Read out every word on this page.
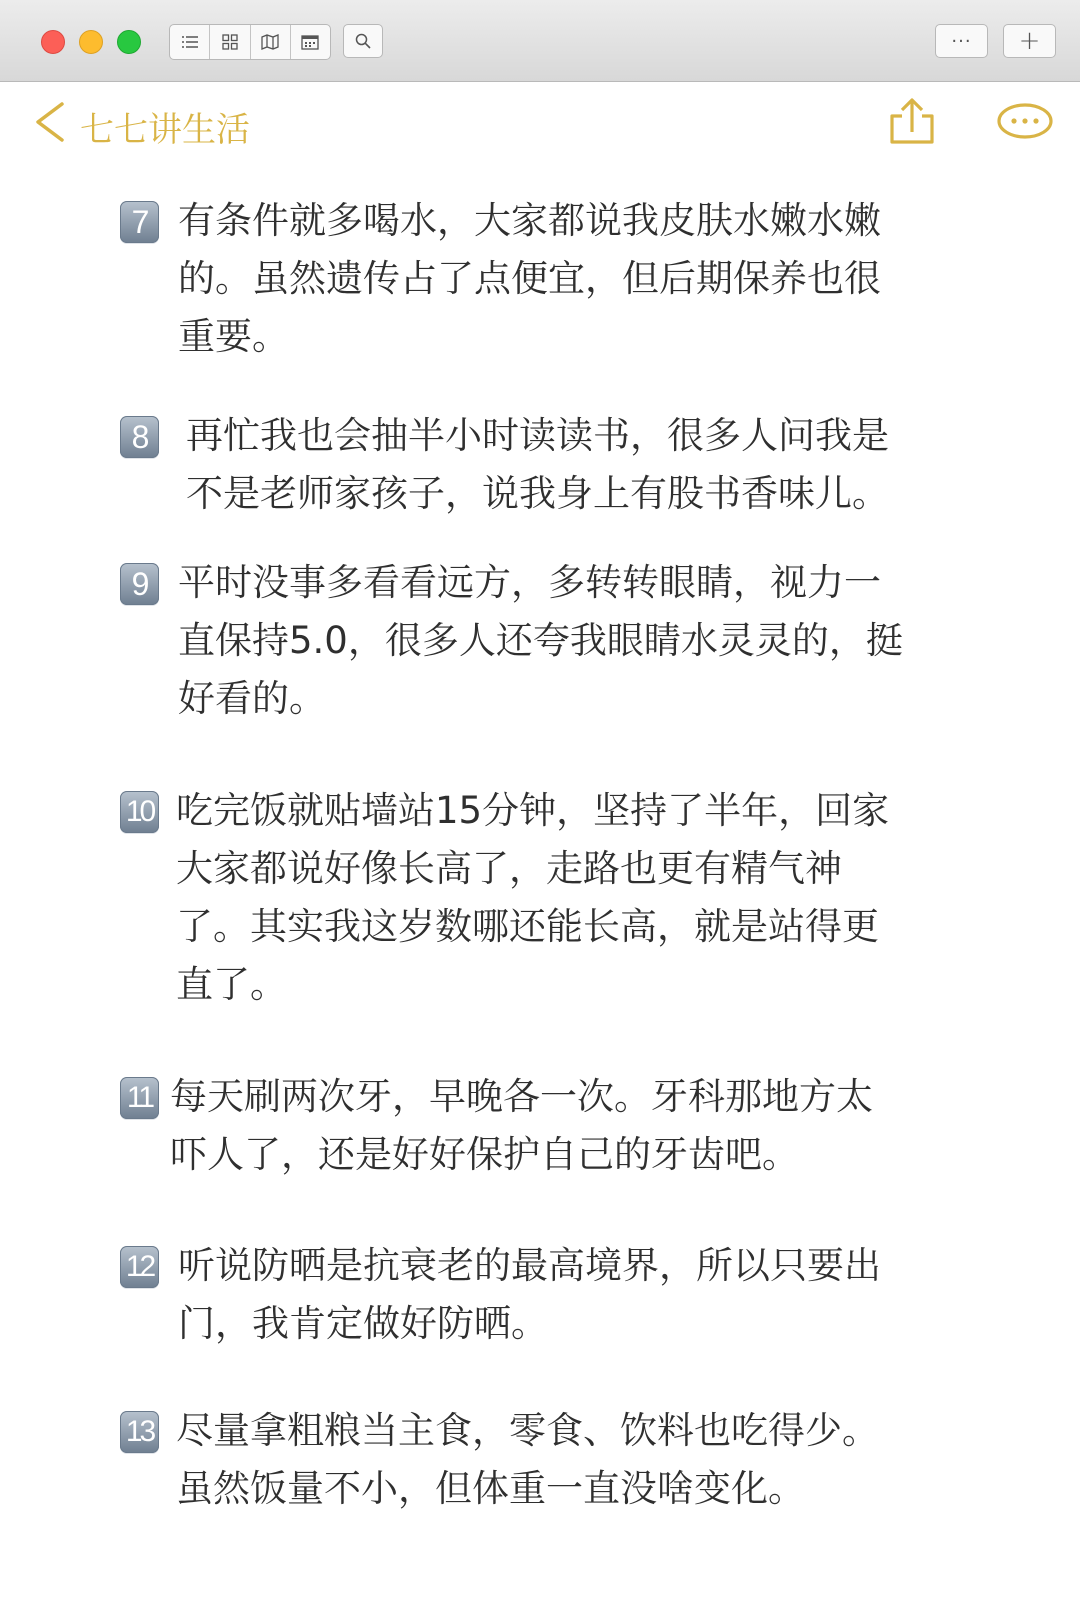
···	+
七七讲生活
7 有条件就多喝水，大家都说我皮肤水嫩水嫩
的。虽然遗传占了点便宜，但后期保养也很
重要。
8	再忙我也会抽半小时读读书，很多人问我是
不是老师家孩子，说我身上有股书香味儿。
9 平时没事多看看远方，多转转眼睛，视力一
直保持5.0，很多人还夸我眼睛水灵灵的，挺
好看的。
10 吃完饭就贴墙站15分钟，坚持了半年，回家
大家都说好像长高了，走路也更有精气神
了。其实我这岁数哪还能长高，就是站得更
直了。
11 每天刷两次牙，早晚各一次。牙科那地方太
吓人了，还是好好保护自己的牙齿吧。
12 听说防晒是抗衰老的最高境界，所以只要出
门，我肯定做好防晒。
13 尽量拿粗粮当主食，零食、饮料也吃得少。
虽然饭量不小，但体重一直没啥变化。
